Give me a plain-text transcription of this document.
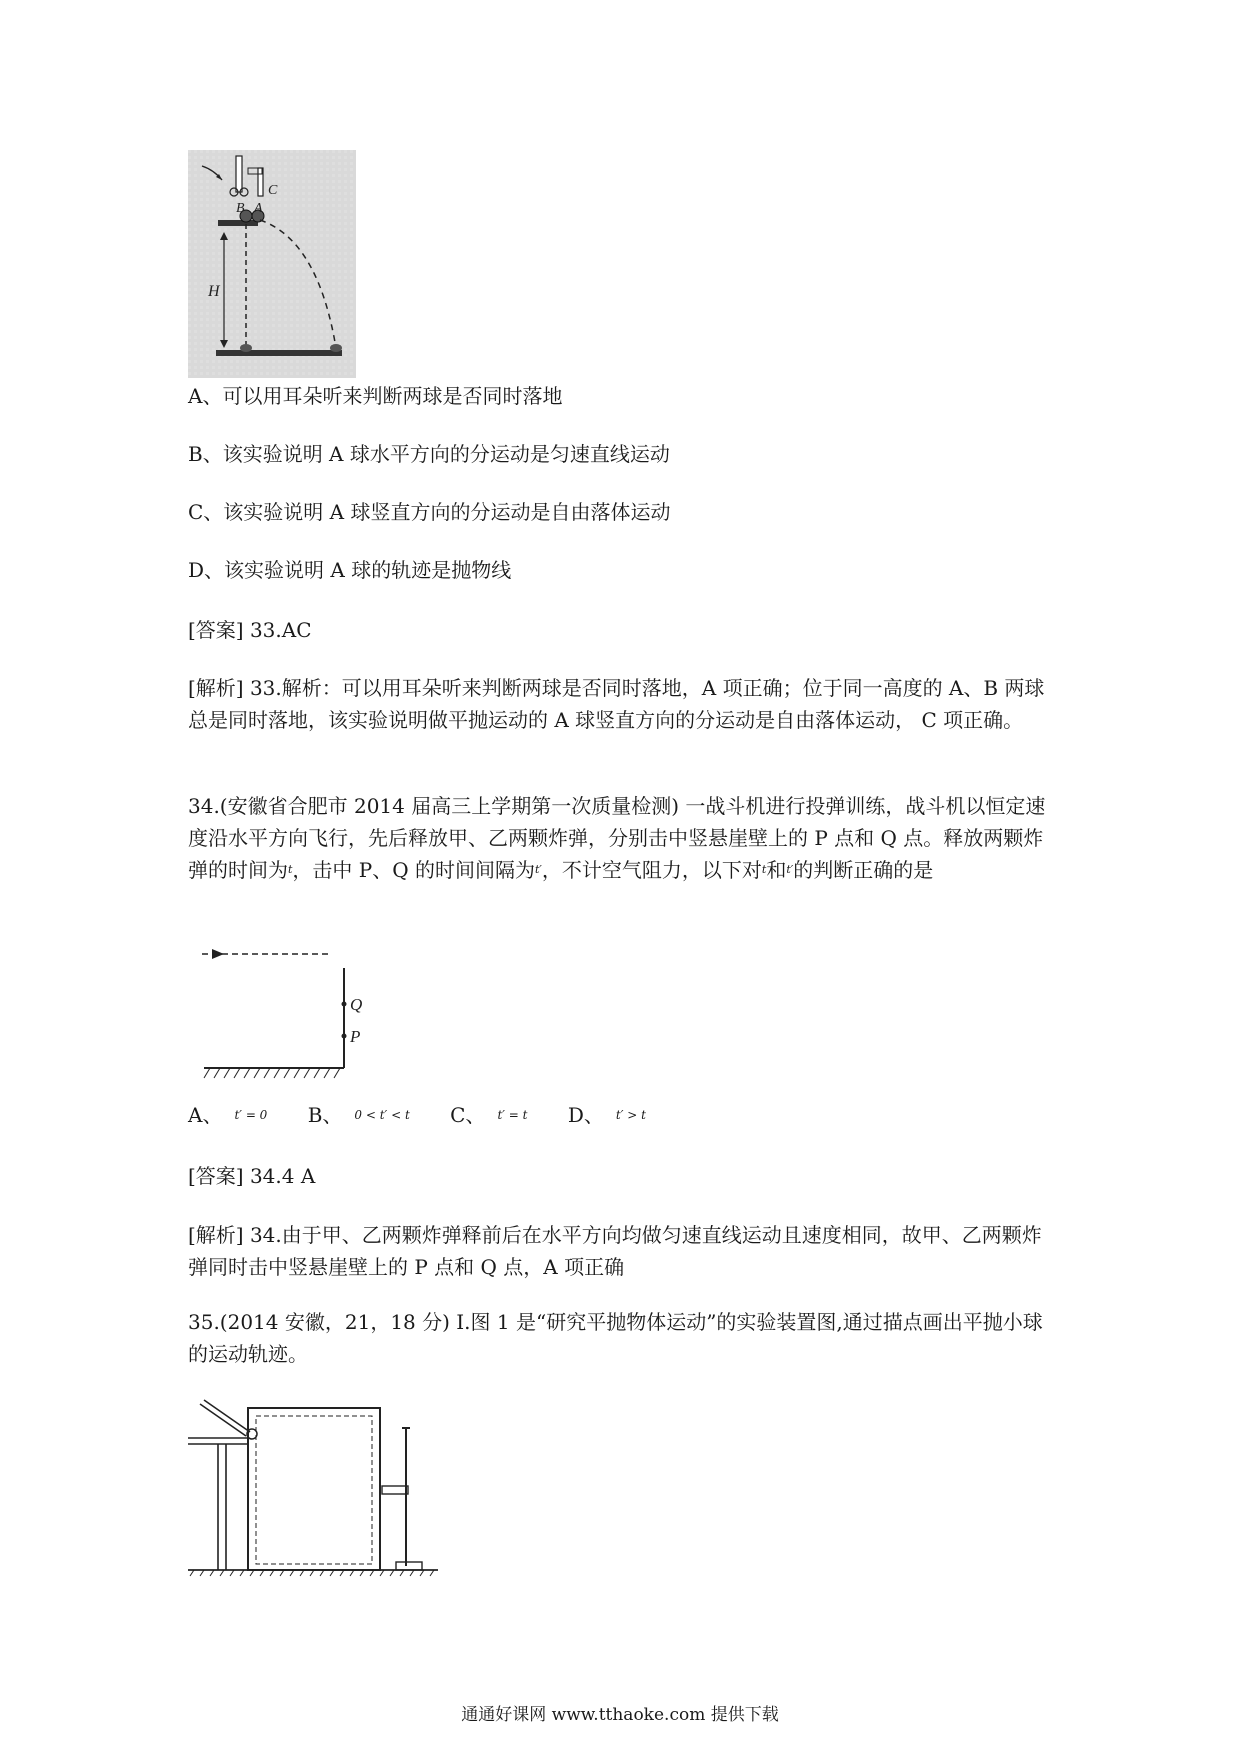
C
B A
H

A、可以用耳朵听来判断两球是否同时落地

B、该实验说明 A 球水平方向的分运动是匀速直线运动

C、该实验说明 A 球竖直方向的分运动是自由落体运动

D、该实验说明 A 球的轨迹是抛物线

[答案] 33.AC

[解析] 33.解析：可以用耳朵听来判断两球是否同时落地，A 项正确；位于同一高度的 A、B 两球总是同时落地，该实验说明做平抛运动的 A 球竖直方向的分运动是自由落体运动， C 项正确。

34.(安徽省合肥市 2014 届高三上学期第一次质量检测) 一战斗机进行投弹训练，战斗机以恒定速度沿水平方向飞行，先后释放甲、乙两颗炸弹，分别击中竖悬崖壁上的 P 点和 Q 点。释放两颗炸弹的时间为$^t$，击中 P、Q 的时间间隔为$^{t'}$，不计空气阻力，以下对$^t$和$^{t'}$的判断正确的是

Q
P
A、 t′ = 0 B、 0 < t′ < t C、 t′ = t D、 t′ > t

[答案] 34.4 A

[解析] 34.由于甲、乙两颗炸弹释前后在水平方向均做匀速直线运动且速度相同，故甲、乙两颗炸弹同时击中竖悬崖壁上的 P 点和 Q 点，A 项正确

35.(2014 安徽，21，18 分) Ⅰ.图 1 是“研究平抛物体运动”的实验装置图,通过描点画出平抛小球的运动轨迹。

通通好课网 www.tthaoke.com 提供下载
